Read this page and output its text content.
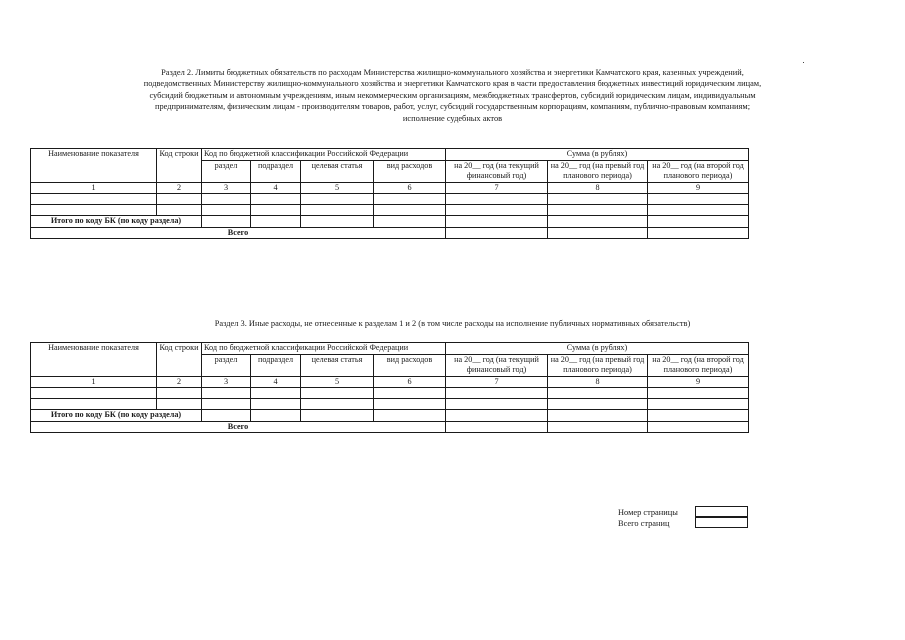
Раздел 2. Лимиты бюджетных обязательств по расходам Министерства жилищно-коммунального хозяйства и энергетики Камчатского края, казенных учреждений,
подведомственных Министерству жилищно-коммунального хозяйства и энергетики Камчатского края в части предоставления бюджетных инвестиций юридическим лицам,
субсидий бюджетным и автономным учреждениям, иным некоммерческим организациям, межбюджетных трансфертов, субсидий юридическим лицам, индивидуальным
предпринимателям, физическим лицам - производителям товаров, работ, услуг, субсидий государственным корпорациям, компаниям, публично-правовым компаниям;
исполнение судебных актов
Наименование показателя	Код строки	Код по бюджетной классификации Российской Федерации				Сумма (в рублях)		
		раздел	подраздел	целевая статья	вид расходов	на 20__ год (на текущий финансовый год)	на 20__ год (на превый год планового периода)	на 20__ год (на второй год планового периода)
1	2	3	4	5	6	7	8	9

Итого по коду БК (по коду раздела)								
Всего								
Раздел 3. Иные расходы, не отнесенные к разделам 1 и 2 (в том числе расходы на исполнение публичных нормативных обязательств)
Наименование показателя	Код строки	Код по бюджетной классификации Российской Федерации				Сумма (в рублях)		
		раздел	подраздел	целевая статья	вид расходов	на 20__ год (на текущий финансовый год)	на 20__ год (на превый год планового периода)	на 20__ год (на второй год планового периода)
1	2	3	4	5	6	7	8	9

Итого по коду БК (по коду раздела)								
Всего								
Номер страницы
Всего страниц
